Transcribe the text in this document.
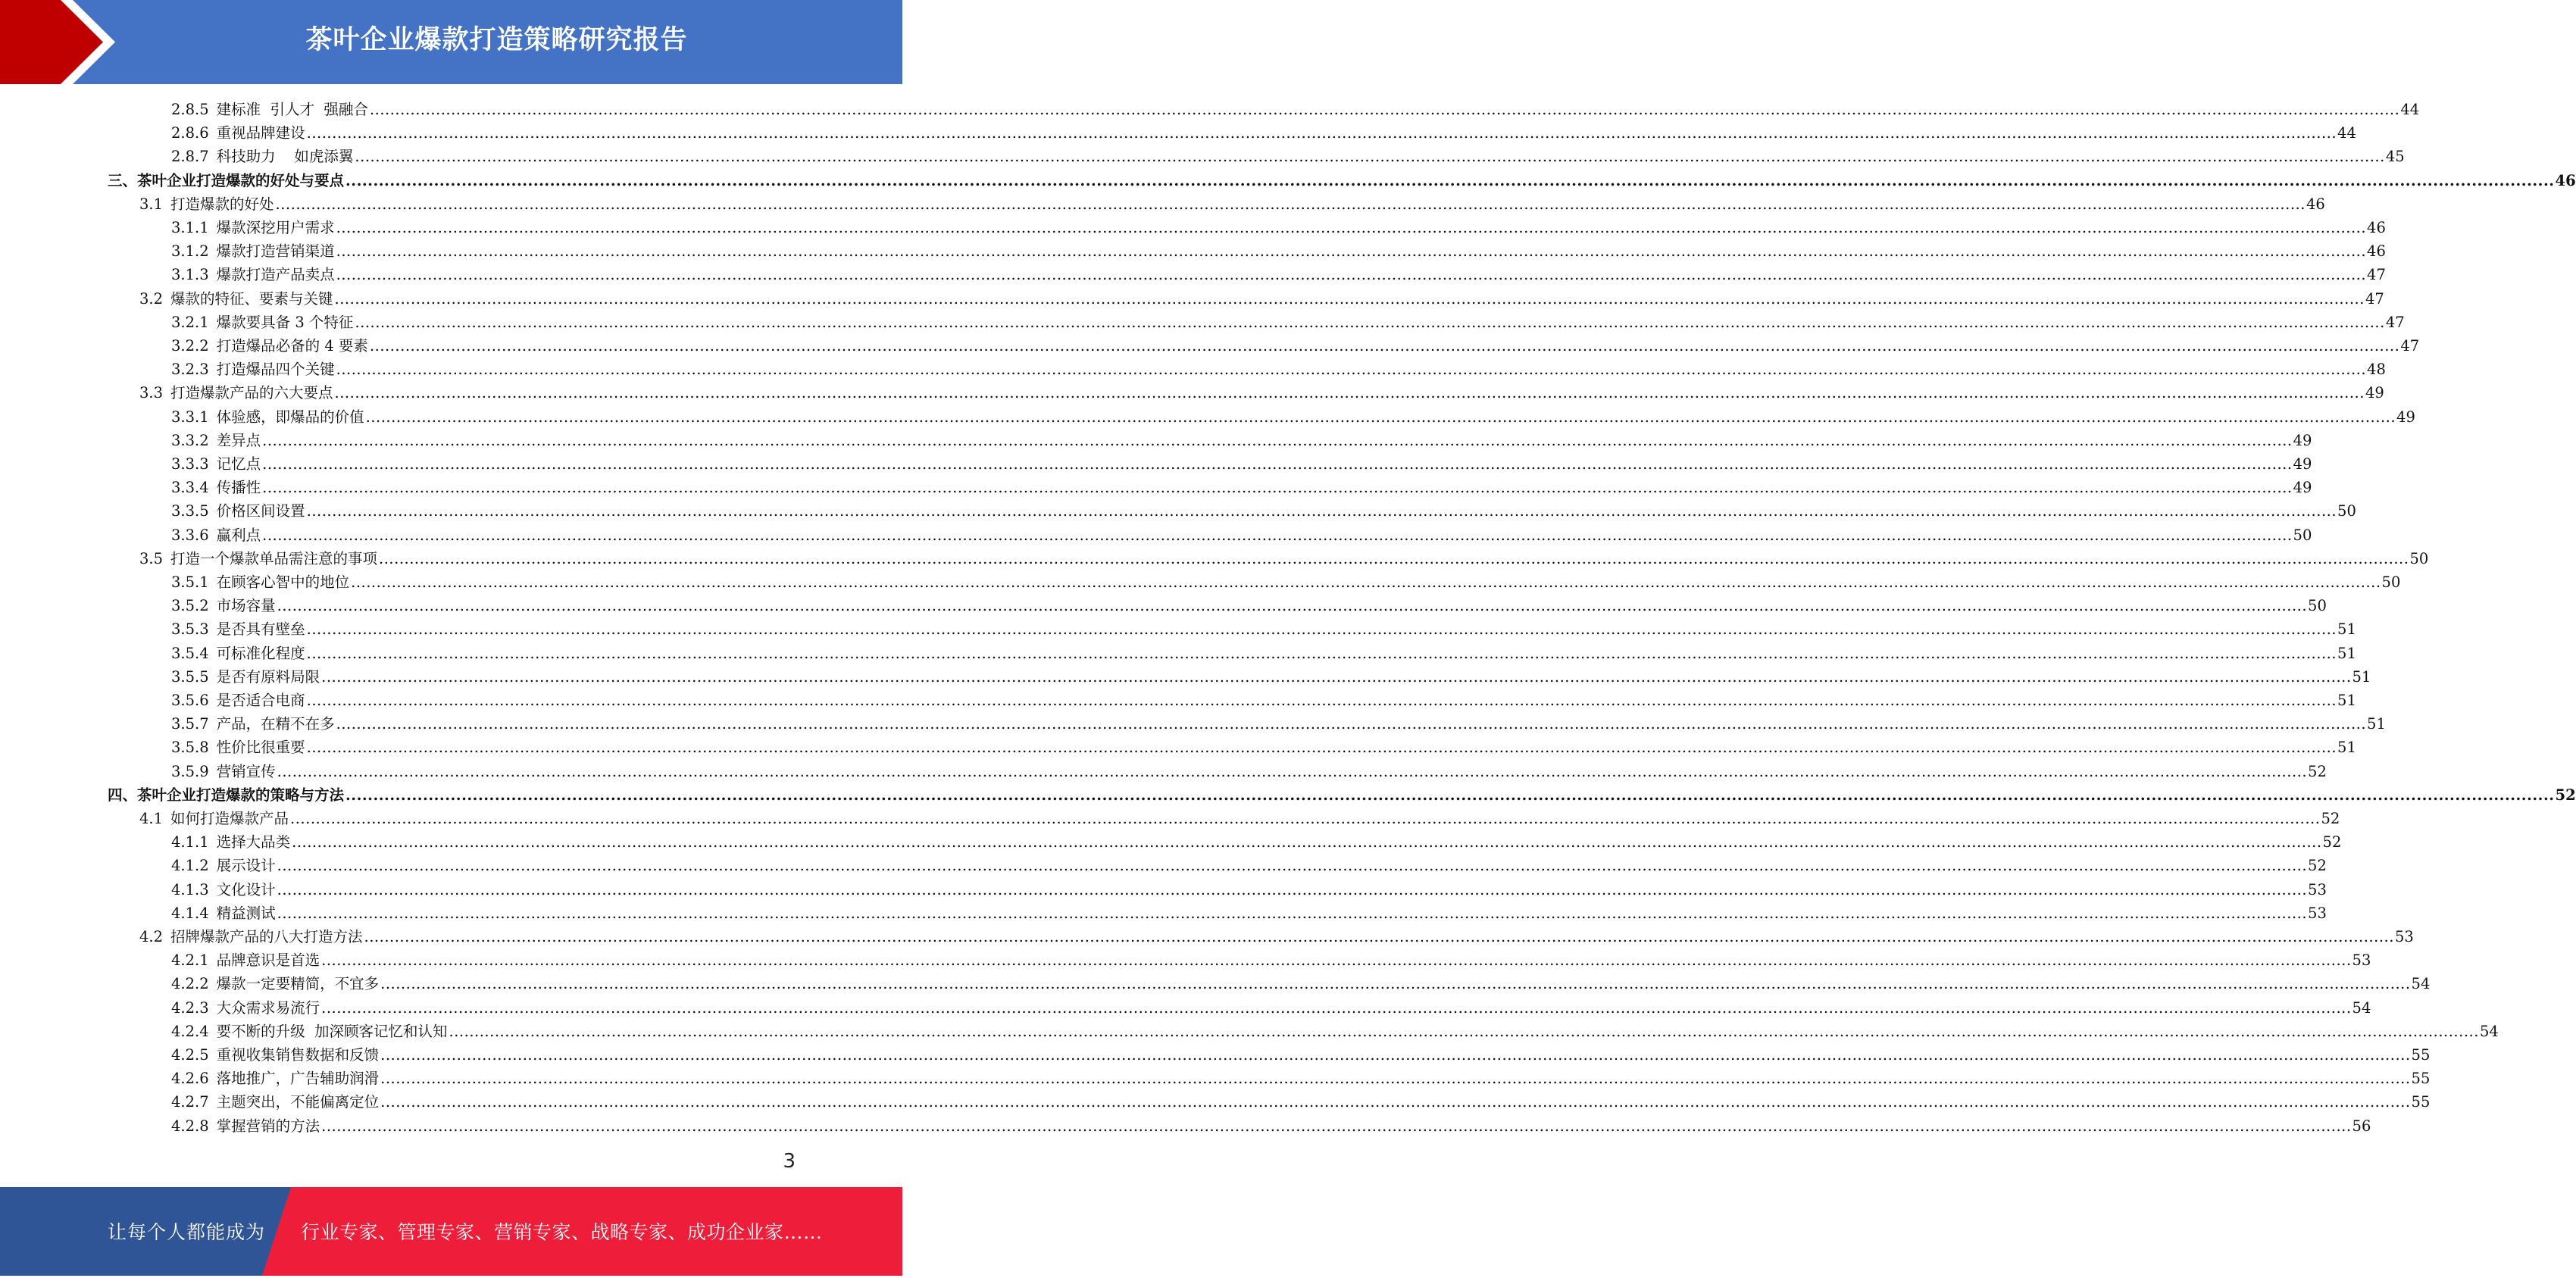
茶叶企业爆款打造策略研究报告
2.8.5 建标准  引人才  强融合 ................................................................................................................................................................................................................................................................................................................................................................................................................ 44
2.8.6 重视品牌建设 ................................................................................................................................................................................................................................................................................................................................................................................................................ 44
2.8.7 科技助力    如虎添翼 ................................................................................................................................................................................................................................................................................................................................................................................................................ 45
三、茶叶企业打造爆款的好处与要点 ................................................................................................................................................................................................................................................................................................................................................................................................................ 46
3.1 打造爆款的好处 ................................................................................................................................................................................................................................................................................................................................................................................................................ 46
3.1.1 爆款深挖用户需求 ................................................................................................................................................................................................................................................................................................................................................................................................................ 46
3.1.2 爆款打造营销渠道 ................................................................................................................................................................................................................................................................................................................................................................................................................ 46
3.1.3 爆款打造产品卖点 ................................................................................................................................................................................................................................................................................................................................................................................................................ 47
3.2 爆款的特征、要素与关键 ................................................................................................................................................................................................................................................................................................................................................................................................................ 47
3.2.1 爆款要具备 3 个特征 ................................................................................................................................................................................................................................................................................................................................................................................................................ 47
3.2.2 打造爆品必备的 4 要素 ................................................................................................................................................................................................................................................................................................................................................................................................................ 47
3.2.3 打造爆品四个关键 ................................................................................................................................................................................................................................................................................................................................................................................................................ 48
3.3 打造爆款产品的六大要点 ................................................................................................................................................................................................................................................................................................................................................................................................................ 49
3.3.1 体验感，即爆品的价值 ................................................................................................................................................................................................................................................................................................................................................................................................................ 49
3.3.2 差异点 ................................................................................................................................................................................................................................................................................................................................................................................................................ 49
3.3.3 记忆点 ................................................................................................................................................................................................................................................................................................................................................................................................................ 49
3.3.4 传播性 ................................................................................................................................................................................................................................................................................................................................................................................................................ 49
3.3.5 价格区间设置 ................................................................................................................................................................................................................................................................................................................................................................................................................ 50
3.3.6 赢利点 ................................................................................................................................................................................................................................................................................................................................................................................................................ 50
3.5 打造一个爆款单品需注意的事项 ................................................................................................................................................................................................................................................................................................................................................................................................................ 50
3.5.1 在顾客心智中的地位 ................................................................................................................................................................................................................................................................................................................................................................................................................ 50
3.5.2 市场容量 ................................................................................................................................................................................................................................................................................................................................................................................................................ 50
3.5.3 是否具有壁垒 ................................................................................................................................................................................................................................................................................................................................................................................................................ 51
3.5.4 可标准化程度 ................................................................................................................................................................................................................................................................................................................................................................................................................ 51
3.5.5 是否有原料局限 ................................................................................................................................................................................................................................................................................................................................................................................................................ 51
3.5.6 是否适合电商 ................................................................................................................................................................................................................................................................................................................................................................................................................ 51
3.5.7 产品，在精不在多 ................................................................................................................................................................................................................................................................................................................................................................................................................ 51
3.5.8 性价比很重要 ................................................................................................................................................................................................................................................................................................................................................................................................................ 51
3.5.9 营销宣传 ................................................................................................................................................................................................................................................................................................................................................................................................................ 52
四、茶叶企业打造爆款的策略与方法 ................................................................................................................................................................................................................................................................................................................................................................................................................ 52
4.1 如何打造爆款产品 ................................................................................................................................................................................................................................................................................................................................................................................................................ 52
4.1.1 选择大品类 ................................................................................................................................................................................................................................................................................................................................................................................................................ 52
4.1.2 展示设计 ................................................................................................................................................................................................................................................................................................................................................................................................................ 52
4.1.3 文化设计 ................................................................................................................................................................................................................................................................................................................................................................................................................ 53
4.1.4 精益测试 ................................................................................................................................................................................................................................................................................................................................................................................................................ 53
4.2 招牌爆款产品的八大打造方法 ................................................................................................................................................................................................................................................................................................................................................................................................................ 53
4.2.1 品牌意识是首选 ................................................................................................................................................................................................................................................................................................................................................................................................................ 53
4.2.2 爆款一定要精简，不宜多 ................................................................................................................................................................................................................................................................................................................................................................................................................ 54
4.2.3 大众需求易流行 ................................................................................................................................................................................................................................................................................................................................................................................................................ 54
4.2.4 要不断的升级  加深顾客记忆和认知 ................................................................................................................................................................................................................................................................................................................................................................................................................ 54
4.2.5 重视收集销售数据和反馈 ................................................................................................................................................................................................................................................................................................................................................................................................................ 55
4.2.6 落地推广，广告辅助润滑 ................................................................................................................................................................................................................................................................................................................................................................................................................ 55
4.2.7 主题突出，不能偏离定位 ................................................................................................................................................................................................................................................................................................................................................................................................................ 55
4.2.8 掌握营销的方法 ................................................................................................................................................................................................................................................................................................................................................................................................................ 56
3
让每个人都能成为 行业专家、管理专家、营销专家、战略专家、成功企业家……
